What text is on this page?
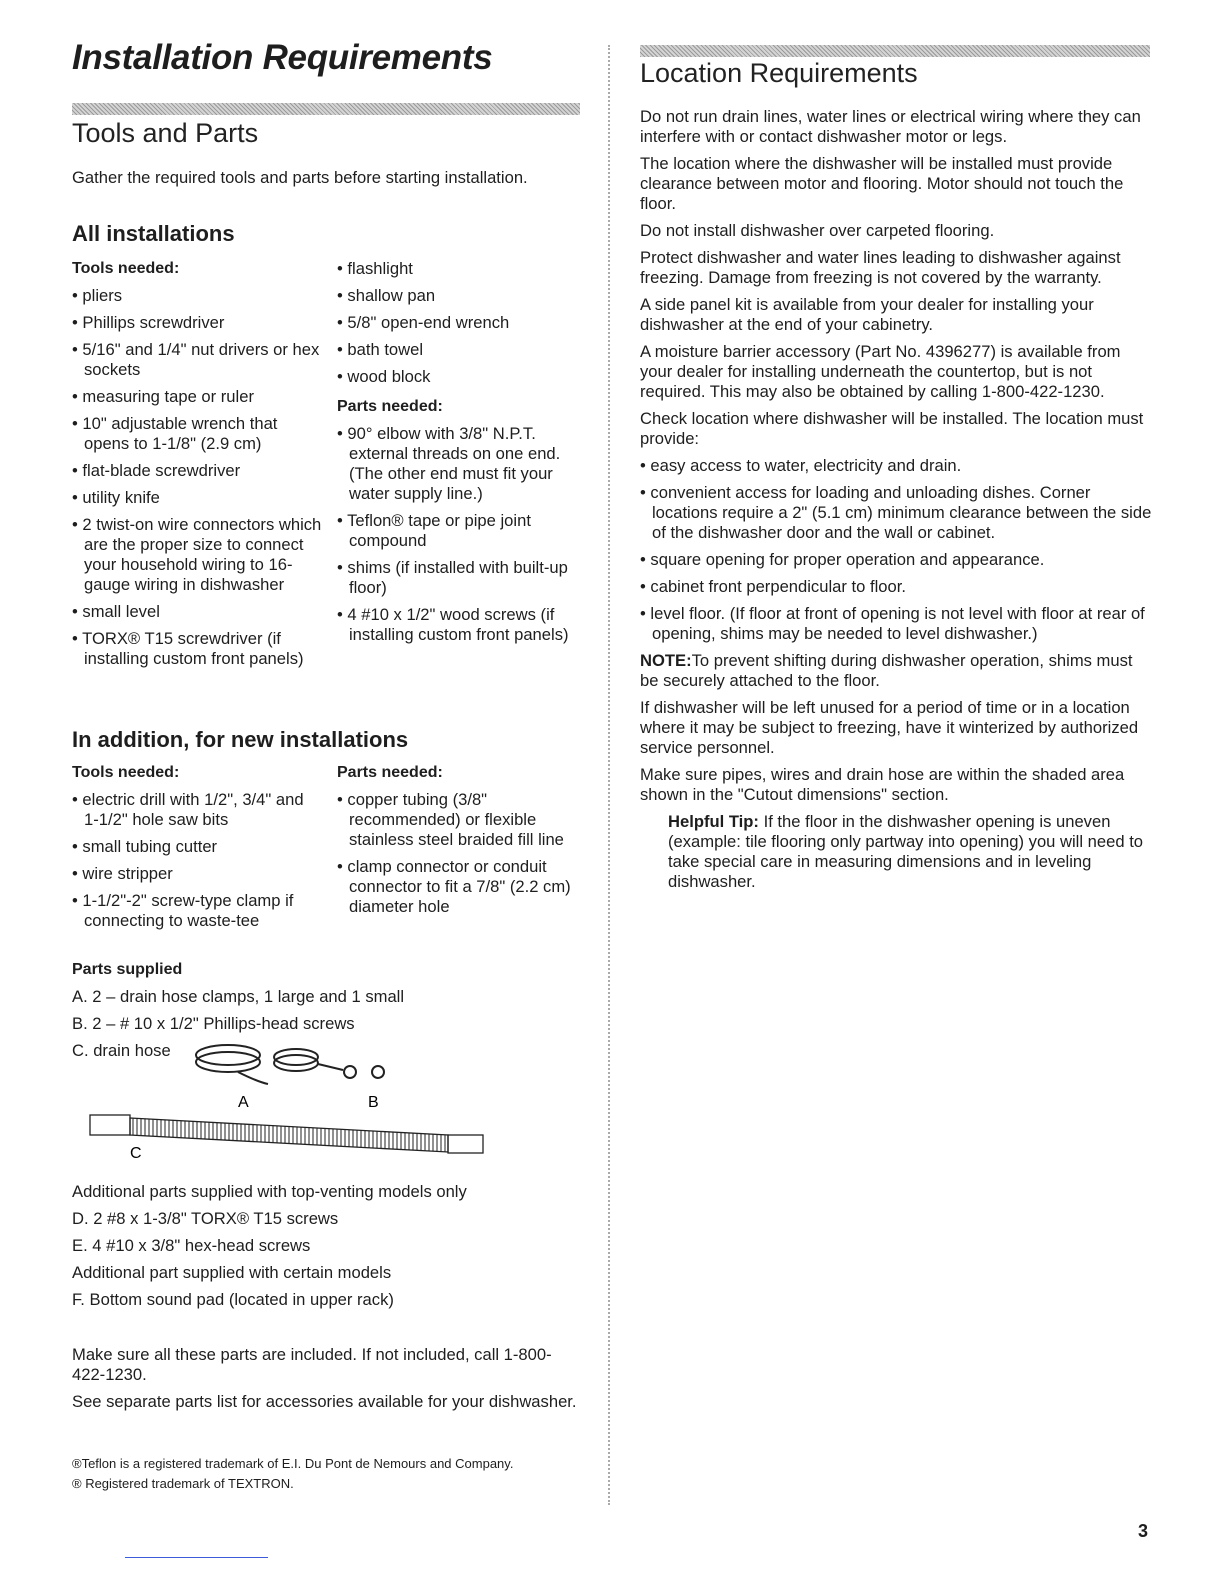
Installation Requirements
Tools and Parts
Gather the required tools and parts before starting installation.
All installations
Tools needed:
• pliers
• Phillips screwdriver
• 5/16" and 1/4" nut drivers or hex sockets
• measuring tape or ruler
• 10" adjustable wrench that opens to 1-1/8" (2.9 cm)
• flat-blade screwdriver
• utility knife
• 2 twist-on wire connectors which are the proper size to connect your household wiring to 16-gauge wiring in dishwasher
• small level
• TORX® T15 screwdriver (if installing custom front panels)
• flashlight
• shallow pan
• 5/8" open-end wrench
• bath towel
• wood block
Parts needed:
• 90° elbow with 3/8" N.P.T. external threads on one end. (The other end must fit your water supply line.)
• Teflon® tape or pipe joint compound
• shims (if installed with built-up floor)
• 4 #10 x 1/2" wood screws (if installing custom front panels)
In addition, for new installations
Tools needed:
• electric drill with 1/2", 3/4" and 1-1/2" hole saw bits
• small tubing cutter
• wire stripper
• 1-1/2"-2" screw-type clamp if connecting to waste-tee
Parts needed:
• copper tubing (3/8" recommended) or flexible stainless steel braided fill line
• clamp connector or conduit connector to fit a 7/8" (2.2 cm) diameter hole
Parts supplied
A. 2 – drain hose clamps, 1 large and 1 small
B. 2 – # 10 x 1/2" Phillips-head screws
C. drain hose
A	B
C

Additional parts supplied with top-venting models only

D. 2 #8 x 1-3/8" TORX® T15 screws
E. 4 #10 x 3/8" hex-head screws

Additional part supplied with certain models

F. Bottom sound pad (located in upper rack)

Make sure all these parts are included. If not included, call 1-800-422-1230.

See separate parts list for accessories available for your dishwasher.

®Teflon is a registered trademark of E.I. Du Pont de Nemours and Company.
® Registered trademark of TEXTRON.
Location Requirements
Do not run drain lines, water lines or electrical wiring where they can interfere with or contact dishwasher motor or legs.
The location where the dishwasher will be installed must provide clearance between motor and flooring. Motor should not touch the floor.
Do not install dishwasher over carpeted flooring.
Protect dishwasher and water lines leading to dishwasher against freezing. Damage from freezing is not covered by the warranty.
A side panel kit is available from your dealer for installing your dishwasher at the end of your cabinetry.
A moisture barrier accessory (Part No. 4396277) is available from your dealer for installing underneath the countertop, but is not required. This may also be obtained by calling 1-800-422-1230.
Check location where dishwasher will be installed. The location must provide:
• easy access to water, electricity and drain.
• convenient access for loading and unloading dishes. Corner locations require a 2" (5.1 cm) minimum clearance between the side of the dishwasher door and the wall or cabinet.
• square opening for proper operation and appearance.
• cabinet front perpendicular to floor.
• level floor. (If floor at front of opening is not level with floor at rear of opening, shims may be needed to level dishwasher.)

NOTE:To prevent shifting during dishwasher operation, shims must be securely attached to the floor.

If dishwasher will be left unused for a period of time or in a location where it may be subject to freezing, have it winterized by authorized service personnel.
Make sure pipes, wires and drain hose are within the shaded area shown in the "Cutout dimensions" section.

Helpful Tip: If the floor in the dishwasher opening is uneven (example: tile flooring only partway into opening) you will need to take special care in measuring dimensions and in leveling dishwasher.

3
